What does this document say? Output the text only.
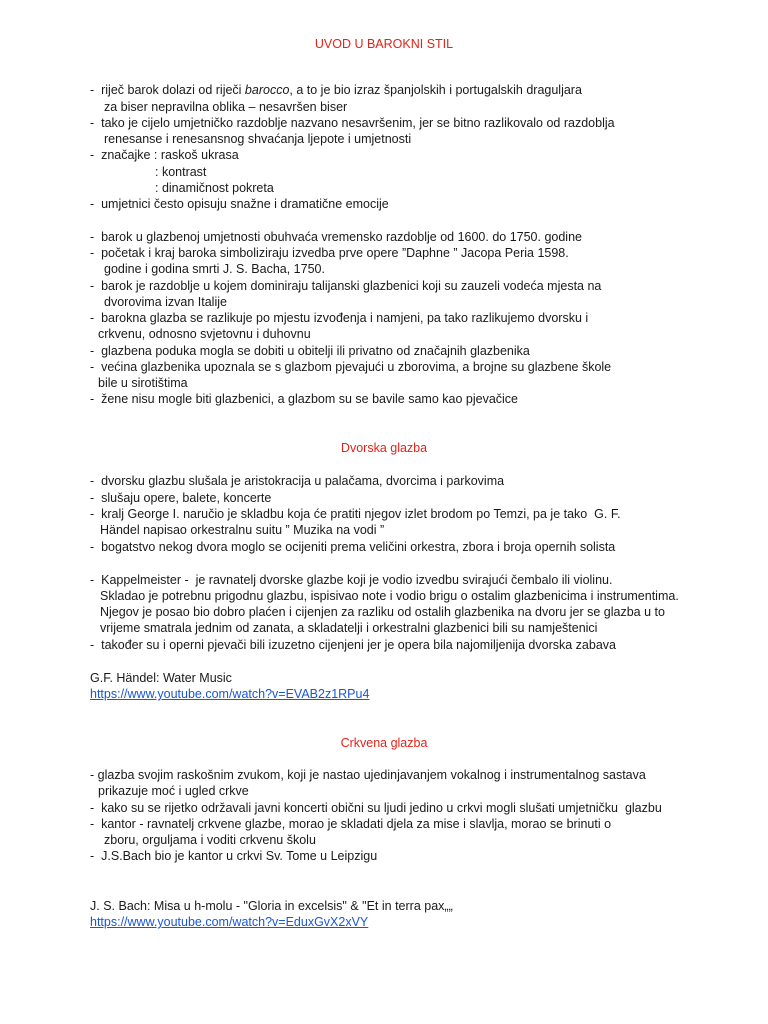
UVOD U BAROKNI STIL
-  riječ barok dolazi od riječi barocco, a to je bio izraz španjolskih i portugalskih draguljara
za biser nepravilna oblika – nesavršen biser
-  tako je cijelo umjetničko razdoblje nazvano nesavršenim, jer se bitno razlikovalo od razdoblja
renesanse i renesansnog shvaćanja ljepote i umjetnosti
-  značajke : raskoš ukrasa
: kontrast
: dinamičnost pokreta
-  umjetnici često opisuju snažne i dramatične emocije
-  barok u glazbenoj umjetnosti obuhvaća vremensko razdoblje od 1600. do 1750. godine
-  početak i kraj baroka simboliziraju izvedba prve opere ”Daphne ” Jacopa Peria 1598.
godine i godina smrti J. S. Bacha, 1750.
-  barok je razdoblje u kojem dominiraju talijanski glazbenici koji su zauzeli vodeća mjesta na
dvorovima izvan Italije
-  barokna glazba se razlikuje po mjestu izvođenja i namjeni, pa tako razlikujemo dvorsku i
crkvenu, odnosno svjetovnu i duhovnu
-  glazbena poduka mogla se dobiti u obitelji ili privatno od značajnih glazbenika
-  većina glazbenika upoznala se s glazbom pjevajući u zborovima, a brojne su glazbene škole
bile u sirotištima
-  žene nisu mogle biti glazbenici, a glazbom su se bavile samo kao pjevačice
Dvorska glazba
-  dvorsku glazbu slušala je aristokracija u palačama, dvorcima i parkovima
-  slušaju opere, balete, koncerte
-  kralj George I. naručio je skladbu koja će pratiti njegov izlet brodom po Temzi, pa je tako  G. F.
Händel napisao orkestralnu suitu ” Muzika na vodi ”
-  bogatstvo nekog dvora moglo se ocijeniti prema veličini orkestra, zbora i broja opernih solista
-  Kappelmeister -  je ravnatelj dvorske glazbe koji je vodio izvedbu svirajući čembalo ili violinu.
Skladao je potrebnu prigodnu glazbu, ispisivao note i vodio brigu o ostalim glazbenicima i instrumentima.
Njegov je posao bio dobro plaćen i cijenjen za razliku od ostalih glazbenika na dvoru jer se glazba u to
vrijeme smatrala jednim od zanata, a skladatelji i orkestralni glazbenici bili su namještenici
-  također su i operni pjevači bili izuzetno cijenjeni jer je opera bila najomiljenija dvorska zabava
G.F. Händel: Water Music
https://www.youtube.com/watch?v=EVAB2z1RPu4
Crkvena glazba
- glazba svojim raskošnim zvukom, koji je nastao ujedinjavanjem vokalnog i instrumentalnog sastava
prikazuje moć i ugled crkve
-  kako su se rijetko održavali javni koncerti obični su ljudi jedino u crkvi mogli slušati umjetničku  glazbu
-  kantor - ravnatelj crkvene glazbe, morao je skladati djela za mise i slavlja, morao se brinuti o
zboru, orguljama i voditi crkvenu školu
-  J.S.Bach bio je kantor u crkvi Sv. Tome u Leipzigu
J. S. Bach: Misa u h-molu - "Gloria in excelsis" & "Et in terra pax„„
https://www.youtube.com/watch?v=EduxGvX2xVY
